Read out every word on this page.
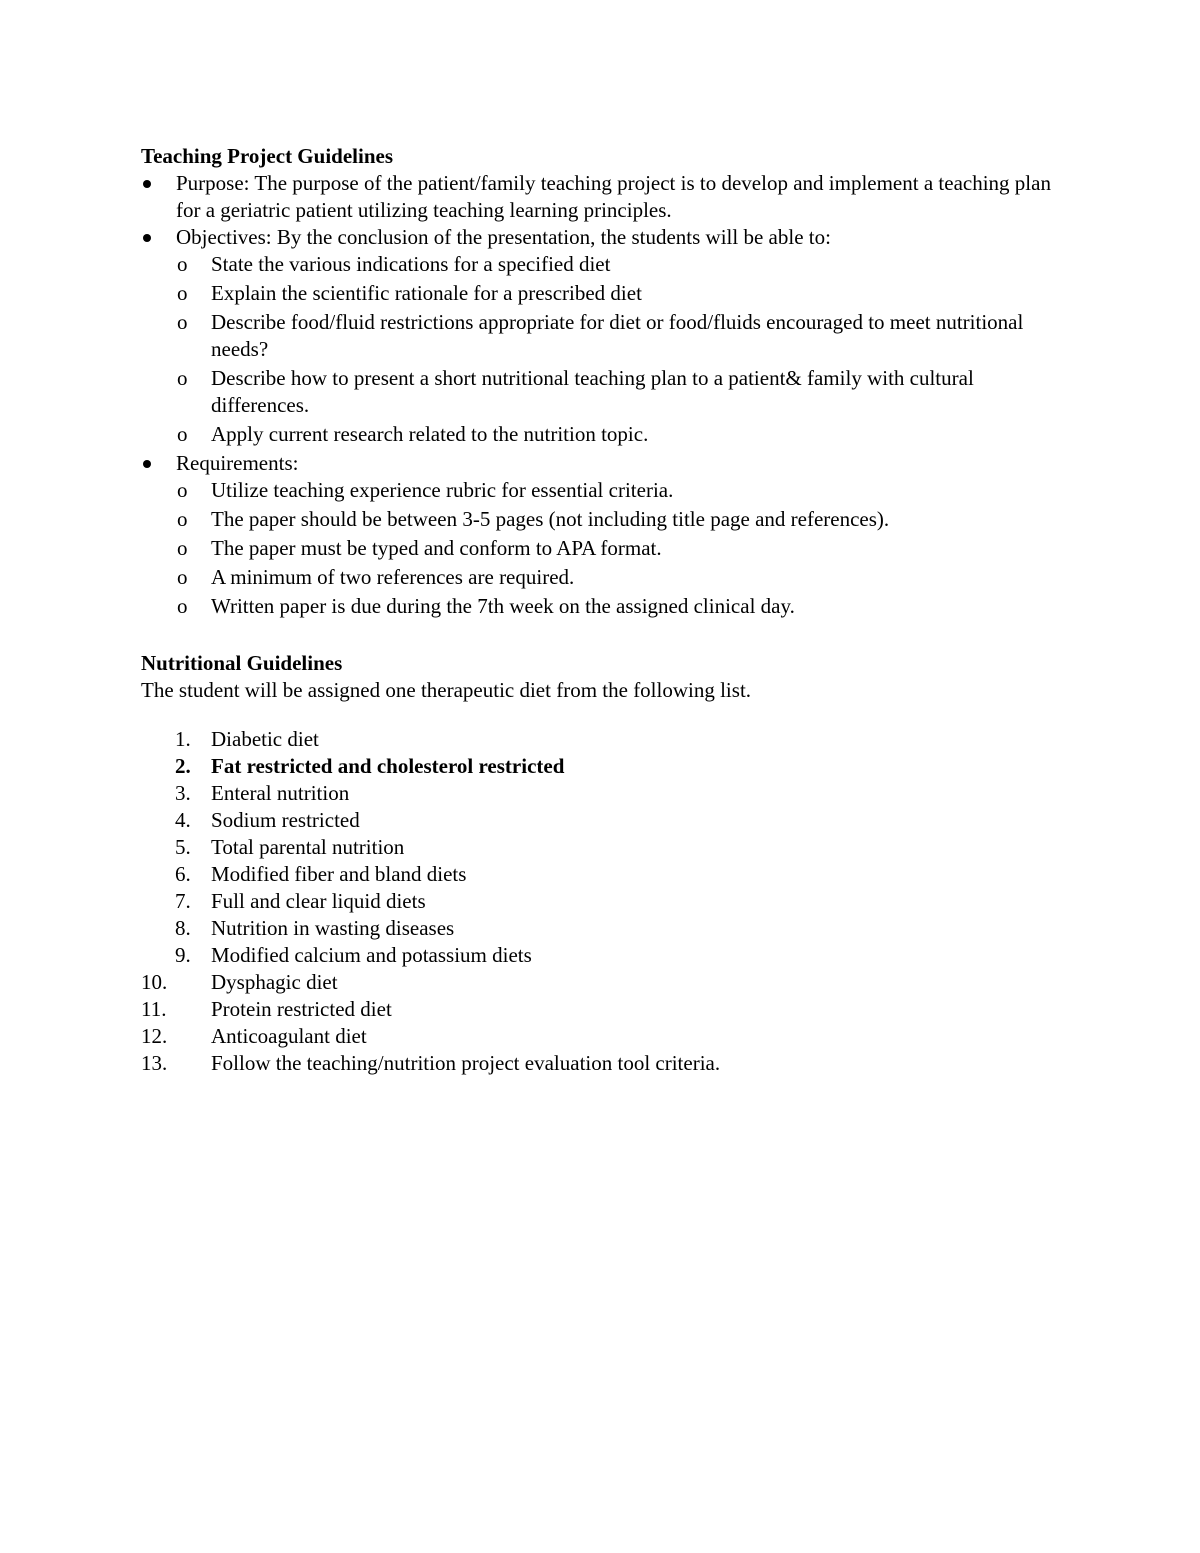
Teaching Project Guidelines

Purpose: The purpose of the patient/family teaching project is to develop and implement a teaching plan for a geriatric patient utilizing teaching learning principles.
Objectives: By the conclusion of the presentation, the students will be able to:
o State the various indications for a specified diet
o Explain the scientific rationale for a prescribed diet
o Describe food/fluid restrictions appropriate for diet or food/fluids encouraged to meet nutritional needs?
o Describe how to present a short nutritional teaching plan to a patient& family with cultural differences.
o Apply current research related to the nutrition topic.
Requirements:
o Utilize teaching experience rubric for essential criteria.
o The paper should be between 3-5 pages (not including title page and references).
o The paper must be typed and conform to APA format.
o A minimum of two references are required.
o Written paper is due during the 7th week on the assigned clinical day.

Nutritional Guidelines

The student will be assigned one therapeutic diet from the following list.

1. Diabetic diet
2. Fat restricted and cholesterol restricted
3. Enteral nutrition
4. Sodium restricted
5. Total parental nutrition
6. Modified fiber and bland diets
7. Full and clear liquid diets
8. Nutrition in wasting diseases
9. Modified calcium and potassium diets
10. Dysphagic diet
11. Protein restricted diet
12. Anticoagulant diet
13. Follow the teaching/nutrition project evaluation tool criteria.
